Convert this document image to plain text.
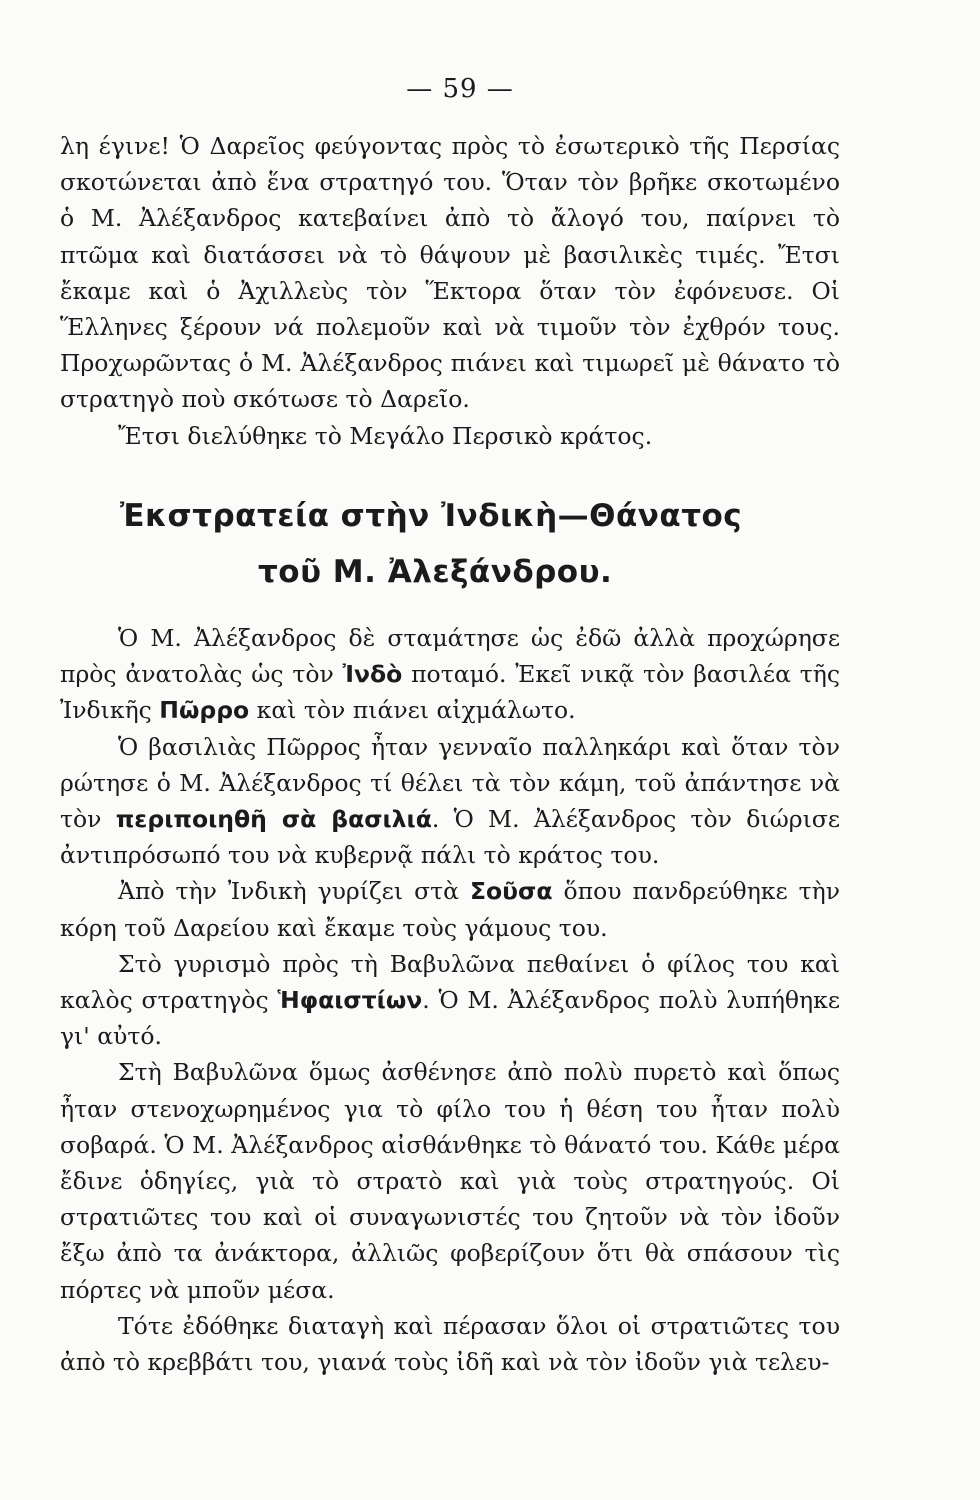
— 59 —

λη έγινε! Ὁ Δαρεῖος φεύγοντας πρὸς τὸ ἐσωτερικὸ τῆς Περσίας σκοτώνεται ἀπὸ ἕνα στρατηγό του. Ὅταν τὸν βρῆκε σκοτωμένο ὁ Μ. Ἀλέξανδρος κατεβαίνει ἀπὸ τὸ ἄλογό του, παίρνει τὸ πτῶμα καὶ διατάσσει νὰ τὸ θάψουν μὲ βασιλικὲς τιμές. Ἔτσι ἔκαμε καὶ ὁ Ἀχιλλεὺς τὸν Ἕκτορα ὅταν τὸν ἐφόνευσε. Οἱ Ἕλληνες ξέρουν νά πολεμοῦν καὶ νὰ τιμοῦν τὸν ἐχθρόν τους. Προχωρῶντας ὁ Μ. Ἀλέξανδρος πιάνει καὶ τιμωρεῖ μὲ θάνατο τὸ στρατηγὸ ποὺ σκότωσε τὸ Δαρεῖο.

Ἔτσι διελύθηκε τὸ Μεγάλο Περσικὸ κράτος.

Ἐκστρατεία στὴν Ἰνδικὴ—Θάνατος
τοῦ Μ. Ἀλεξάνδρου.

Ὁ Μ. Ἀλέξανδρος δὲ σταμάτησε ὡς ἐδῶ ἀλλὰ προχώρησε πρὸς ἀνατολὰς ὡς τὸν Ἰνδὸ ποταμό. Ἐκεῖ νικᾷ τὸν βασιλέα τῆς Ἰνδικῆς Πῶρρο καὶ τὸν πιάνει αἰχμάλωτο.

Ὁ βασιλιὰς Πῶρρος ἦταν γενναῖο παλληκάρι καὶ ὅταν τὸν ρώτησε ὁ Μ. Ἀλέξανδρος τί θέλει τὰ τὸν κάμη, τοῦ ἀπάντησε νὰ τὸν περιποιηθῆ σὰ βασιλιά. Ὁ Μ. Ἀλέξανδρος τὸν διώρισε ἀντιπρόσωπό του νὰ κυβερνᾷ πάλι τὸ κράτος του.

Ἀπὸ τὴν Ἰνδικὴ γυρίζει στὰ Σοῦσα ὅπου πανδρεύθηκε τὴν κόρη τοῦ Δαρείου καὶ ἔκαμε τοὺς γάμους του.

Στὸ γυρισμὸ πρὸς τὴ Βαβυλῶνα πεθαίνει ὁ φίλος του καὶ καλὸς στρατηγὸς Ἡφαιστίων. Ὁ Μ. Ἀλέξανδρος πολὺ λυπήθηκε γι' αὐτό.

Στὴ Βαβυλῶνα ὅμως ἀσθένησε ἀπὸ πολὺ πυρετὸ καὶ ὅπως ἦταν στενοχωρημένος για τὸ φίλο του ἡ θέση του ἦταν πολὺ σοβαρά. Ὁ Μ. Ἀλέξανδρος αἰσθάνθηκε τὸ θάνατό του. Κάθε μέρα ἔδινε ὁδηγίες, γιὰ τὸ στρατὸ καὶ γιὰ τοὺς στρατηγούς. Οἱ στρατιῶτες του καὶ οἱ συναγωνιστές του ζητοῦν νὰ τὸν ἰδοῦν ἔξω ἀπὸ τα ἀνάκτορα, ἀλλιῶς φοβερίζουν ὅτι θὰ σπάσουν τὶς πόρτες νὰ μποῦν μέσα.

Τότε ἐδόθηκε διαταγὴ καὶ πέρασαν ὅλοι οἱ στρατιῶτες του ἀπὸ τὸ κρεββάτι του, γιανά τοὺς ἰδῆ καὶ νὰ τὸν ἰδοῦν γιὰ τελευ-
